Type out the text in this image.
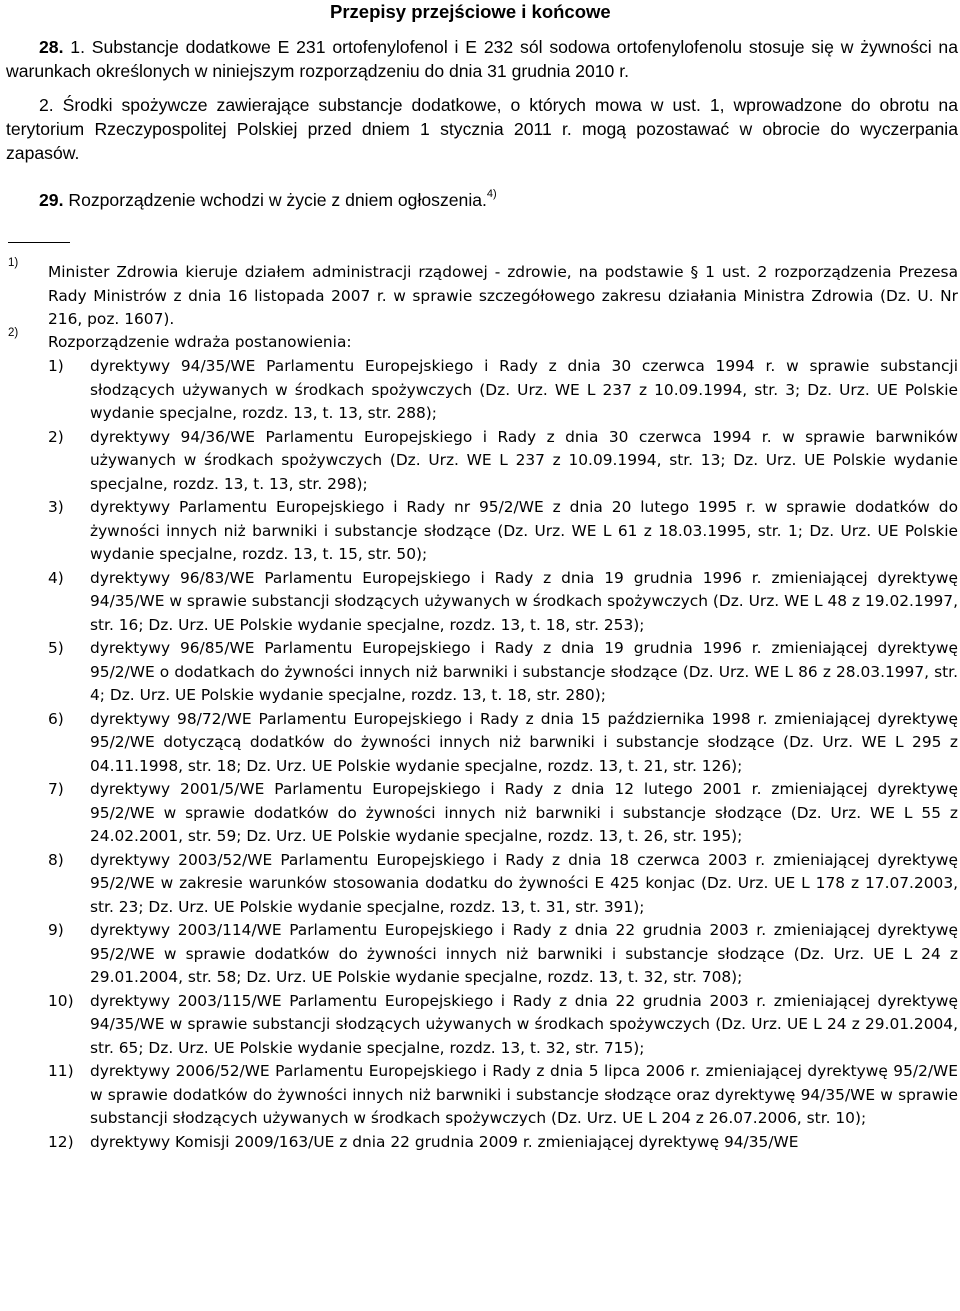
Przepisy przejściowe i końcowe
28. 1. Substancje dodatkowe E 231 ortofenylofenol i E 232 sól sodowa ortofenylofenolu stosuje się w żywności na warunkach określonych w niniejszym rozporządzeniu do dnia 31 grudnia 2010 r.
2. Środki spożywcze zawierające substancje dodatkowe, o których mowa w ust. 1, wprowadzone do obrotu na terytorium Rzeczypospolitej Polskiej przed dniem 1 stycznia 2011 r. mogą pozostawać w obrocie do wyczerpania zapasów.
29. Rozporządzenie wchodzi w życie z dniem ogłoszenia.$^{4)}$
1) Minister Zdrowia kieruje działem administracji rządowej - zdrowie, na podstawie § 1 ust. 2 rozporządzenia Prezesa Rady Ministrów z dnia 16 listopada 2007 r. w sprawie szczegółowego zakresu działania Ministra Zdrowia (Dz. U. Nr 216, poz. 1607).
2) Rozporządzenie wdraża postanowienia:
1)	dyrektywy 94/35/WE Parlamentu Europejskiego i Rady z dnia 30 czerwca 1994 r. w sprawie substancji słodzących używanych w środkach spożywczych (Dz. Urz. WE L 237 z 10.09.1994, str. 3; Dz. Urz. UE Polskie wydanie specjalne, rozdz. 13, t. 13, str. 288);
2)	dyrektywy 94/36/WE Parlamentu Europejskiego i Rady z dnia 30 czerwca 1994 r. w sprawie barwników używanych w środkach spożywczych (Dz. Urz. WE L 237 z 10.09.1994, str. 13; Dz. Urz. UE Polskie wydanie specjalne, rozdz. 13, t. 13, str. 298);
3)	dyrektywy Parlamentu Europejskiego i Rady nr 95/2/WE z dnia 20 lutego 1995 r. w sprawie dodatków do żywności innych niż barwniki i substancje słodzące (Dz. Urz. WE L 61 z 18.03.1995, str. 1; Dz. Urz. UE Polskie wydanie specjalne, rozdz. 13, t. 15, str. 50);
4)	dyrektywy 96/83/WE Parlamentu Europejskiego i Rady z dnia 19 grudnia 1996 r. zmieniającej dyrektywę 94/35/WE w sprawie substancji słodzących używanych w środkach spożywczych (Dz. Urz. WE L 48 z 19.02.1997, str. 16; Dz. Urz. UE Polskie wydanie specjalne, rozdz. 13, t. 18, str. 253);
5)	dyrektywy 96/85/WE Parlamentu Europejskiego i Rady z dnia 19 grudnia 1996 r. zmieniającej dyrektywę 95/2/WE o dodatkach do żywności innych niż barwniki i substancje słodzące (Dz. Urz. WE L 86 z 28.03.1997, str. 4; Dz. Urz. UE Polskie wydanie specjalne, rozdz. 13, t. 18, str. 280);
6)	dyrektywy 98/72/WE Parlamentu Europejskiego i Rady z dnia 15 października 1998 r. zmieniającej dyrektywę 95/2/WE dotyczącą dodatków do żywności innych niż barwniki i substancje słodzące (Dz. Urz. WE L 295 z 04.11.1998, str. 18; Dz. Urz. UE Polskie wydanie specjalne, rozdz. 13, t. 21, str. 126);
7)	dyrektywy 2001/5/WE Parlamentu Europejskiego i Rady z dnia 12 lutego 2001 r. zmieniającej dyrektywę 95/2/WE w sprawie dodatków do żywności innych niż barwniki i substancje słodzące (Dz. Urz. WE L 55 z 24.02.2001, str. 59; Dz. Urz. UE Polskie wydanie specjalne, rozdz. 13, t. 26, str. 195);
8)	dyrektywy 2003/52/WE Parlamentu Europejskiego i Rady z dnia 18 czerwca 2003 r. zmieniającej dyrektywę 95/2/WE w zakresie warunków stosowania dodatku do żywności E 425 konjac (Dz. Urz. UE L 178 z 17.07.2003, str. 23; Dz. Urz. UE Polskie wydanie specjalne, rozdz. 13, t. 31, str. 391);
9)	dyrektywy 2003/114/WE Parlamentu Europejskiego i Rady z dnia 22 grudnia 2003 r. zmieniającej dyrektywę 95/2/WE w sprawie dodatków do żywności innych niż barwniki i substancje słodzące (Dz. Urz. UE L 24 z 29.01.2004, str. 58; Dz. Urz. UE Polskie wydanie specjalne, rozdz. 13, t. 32, str. 708);
10)	dyrektywy 2003/115/WE Parlamentu Europejskiego i Rady z dnia 22 grudnia 2003 r. zmieniającej dyrektywę 94/35/WE w sprawie substancji słodzących używanych w środkach spożywczych (Dz. Urz. UE L 24 z 29.01.2004, str. 65; Dz. Urz. UE Polskie wydanie specjalne, rozdz. 13, t. 32, str. 715);
11)	dyrektywy 2006/52/WE Parlamentu Europejskiego i Rady z dnia 5 lipca 2006 r. zmieniającej dyrektywę 95/2/WE w sprawie dodatków do żywności innych niż barwniki i substancje słodzące oraz dyrektywę 94/35/WE w sprawie substancji słodzących używanych w środkach spożywczych (Dz. Urz. UE L 204 z 26.07.2006, str. 10);
12)	dyrektywy Komisji 2009/163/UE z dnia 22 grudnia 2009 r. zmieniającej dyrektywę 94/35/WE
